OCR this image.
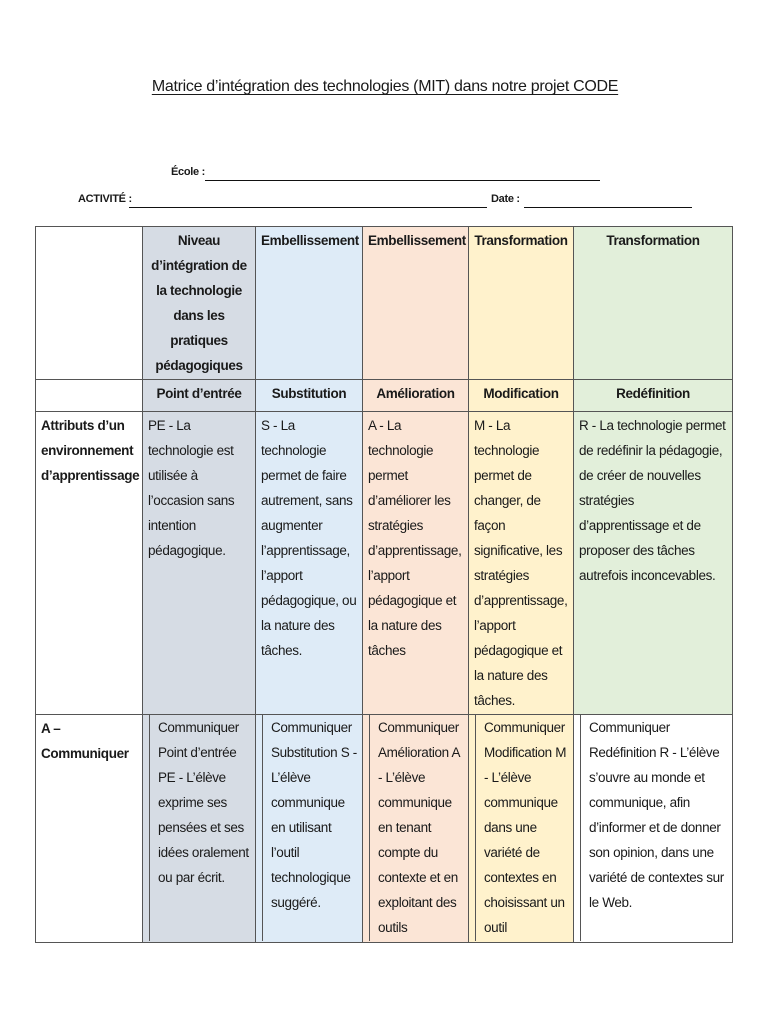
Matrice d’intégration des technologies (MIT) dans notre projet CODE
École :
ACTIVITÉ :	Date :
	Niveau d’intégration de la technologie dans les pratiques pédagogiques	Embellissement	Embellissement	Transformation	Transformation
	Point d’entrée	Substitution	Amélioration	Modification	Redéfinition
Attributs d’un environnement d’apprentissage	PE - La technologie est utilisée à l’occasion sans intention pédagogique.	S - La technologie permet de faire autrement, sans augmenter l’apprentissage, l’apport pédagogique, ou la nature des tâches.	A - La technologie permet d’améliorer les stratégies d’apprentissage, l’apport pédagogique et la nature des tâches	M - La technologie permet de changer, de façon significative, les stratégies d’apprentissage, l’apport pédagogique et la nature des tâches.	R - La technologie permet de redéfinir la pédagogie, de créer de nouvelles stratégies d’apprentissage et de proposer des tâches autrefois inconcevables.
A – Communiquer	Communiquer Point d’entrée PE - L’élève exprime ses pensées et ses idées oralement ou par écrit.	Communiquer Substitution S - L’élève communique en utilisant l’outil technologique suggéré.	Communiquer Amélioration A - L’élève communique en tenant compte du contexte et en exploitant des outils	Communiquer Modification M - L’élève communique dans une variété de contextes en choisissant un outil	Communiquer Redéfinition R - L’élève s’ouvre au monde et communique, afin d’informer et de donner son opinion, dans une variété de contextes sur le Web.
